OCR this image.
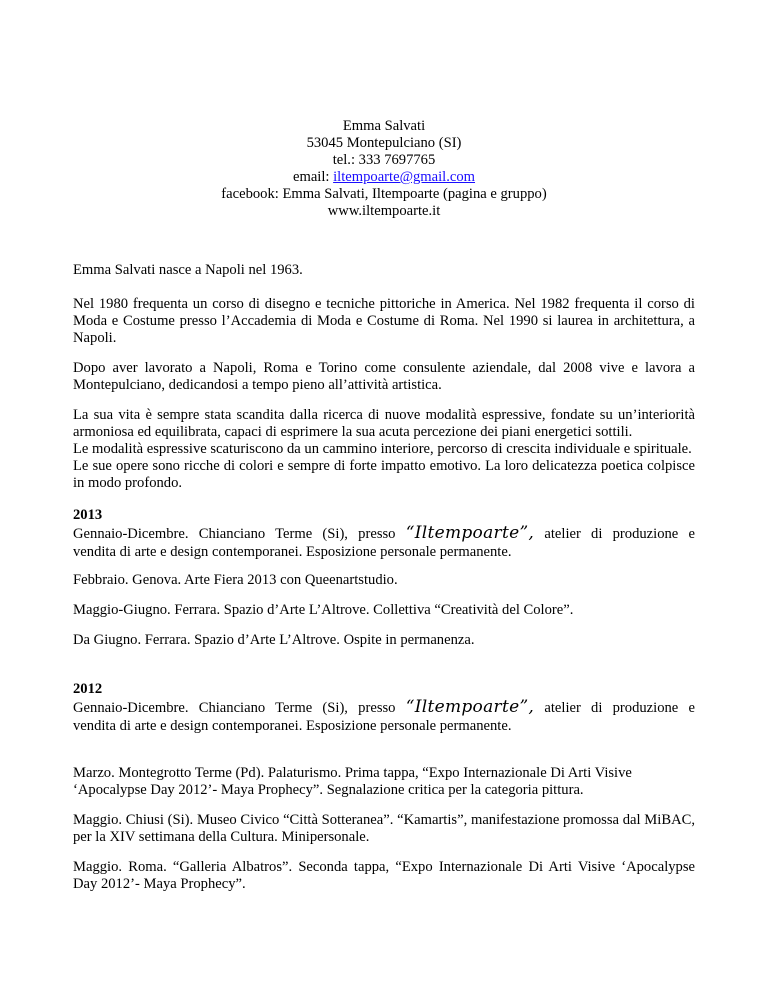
Emma Salvati
53045 Montepulciano (SI)
tel.: 333 7697765
email: iltempoarte@gmail.com
facebook: Emma Salvati, Iltempoarte (pagina e gruppo)
www.iltempoarte.it

Emma Salvati nasce a Napoli nel 1963.

Nel 1980 frequenta un corso di disegno e tecniche pittoriche in America. Nel 1982 frequenta il corso di Moda e Costume presso l’Accademia di Moda e Costume di Roma. Nel 1990 si laurea in architettura, a Napoli.

Dopo aver lavorato a Napoli, Roma e Torino come consulente aziendale, dal 2008 vive e lavora a Montepulciano, dedicandosi a tempo pieno all’attività artistica.

La sua vita è sempre stata scandita dalla ricerca di nuove modalità espressive, fondate su un’interiorità armoniosa ed equilibrata, capaci di esprimere la sua acuta percezione dei piani energetici sottili.

Le modalità espressive scaturiscono da un cammino interiore, percorso di crescita individuale e spirituale.

Le sue opere sono ricche di colori e sempre di forte impatto emotivo. La loro delicatezza poetica colpisce in modo profondo.

2013

Gennaio-Dicembre. Chianciano Terme (Si), presso “Iltempoarte”, atelier di produzione e

vendita di arte e design contemporanei. Esposizione personale permanente.

Febbraio. Genova. Arte Fiera 2013 con Queenartstudio.

Maggio-Giugno. Ferrara. Spazio d’Arte L’Altrove. Collettiva “Creatività del Colore”.

Da Giugno. Ferrara. Spazio d’Arte L’Altrove. Ospite in permanenza.

2012

Gennaio-Dicembre. Chianciano Terme (Si), presso “Iltempoarte”, atelier di produzione e

vendita di arte e design contemporanei. Esposizione personale permanente.

Marzo. Montegrotto Terme (Pd). Palaturismo. Prima tappa, “Expo Internazionale Di Arti Visive

‘Apocalypse Day 2012’- Maya Prophecy”. Segnalazione critica per la categoria pittura.

Maggio. Chiusi (Si). Museo Civico “Città Sotteranea”. “Kamartis”, manifestazione promossa dal MiBAC, per la XIV settimana della Cultura. Minipersonale.

Maggio. Roma. “Galleria Albatros”. Seconda tappa, “Expo Internazionale Di Arti Visive ‘Apocalypse Day 2012’- Maya Prophecy”.
